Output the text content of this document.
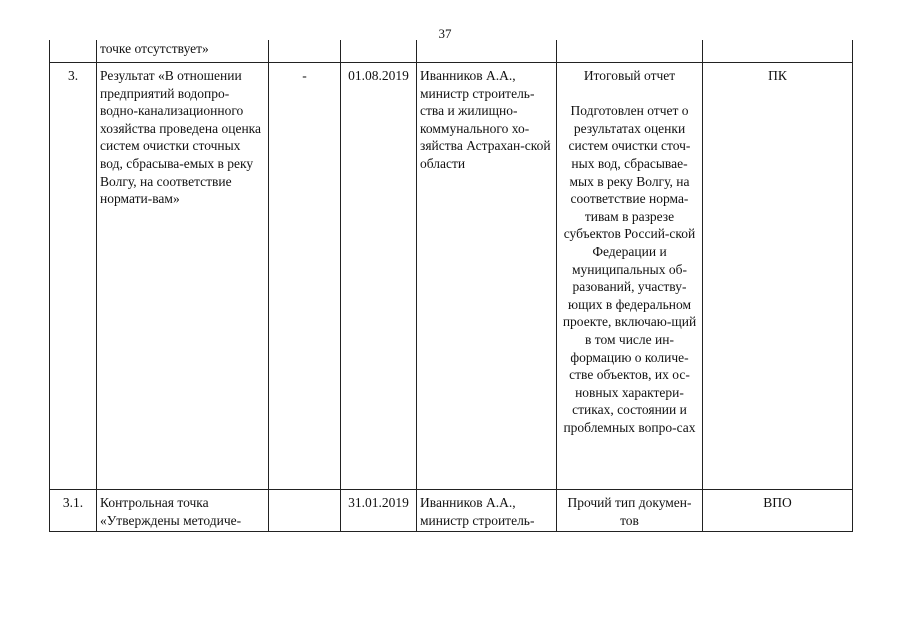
37
	точке отсутствует»					
3.	Результат «В отношении предприятий водопро-водно-канализационного хозяйства проведена оценка систем очистки сточных вод, сбрасыва-емых в реку Волгу, на соответствие нормати-вам»	-	01.08.2019	Иванников А.А., министр строитель-ства и жилищно-коммунального хо-зяйства Астрахан-ской области	Итоговый отчет
Подготовлен отчет о результатах оценки систем очистки сточ-ных вод, сбрасывае-мых в реку Волгу, на соответствие норма-тивам в разрезе субъектов Россий-ской Федерации и муниципальных об-разований, участву-ющих в федеральном проекте, включаю-щий в том числе ин-формацию о количе-стве объектов, их ос-новных характери-стиках, состоянии и проблемных вопро-сах	ПК
3.1.	Контрольная точка «Утверждены методиче-		31.01.2019	Иванников А.А., министр строитель-	Прочий тип докумен-тов	ВПО
